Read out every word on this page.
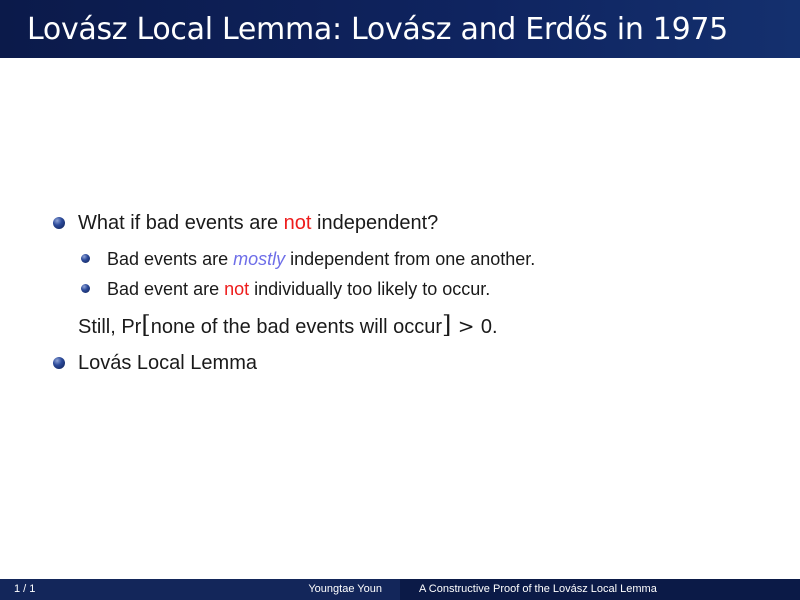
Lovász Local Lemma: Lovász and Erdős in 1975
What if bad events are not independent?
Bad events are mostly independent from one another.
Bad event are not individually too likely to occur.
Still, Pr[none of the bad events will occur] > 0.
Lovás Local Lemma
1 / 1	Youngtae Youn	A Constructive Proof of the Lovász Local Lemma
